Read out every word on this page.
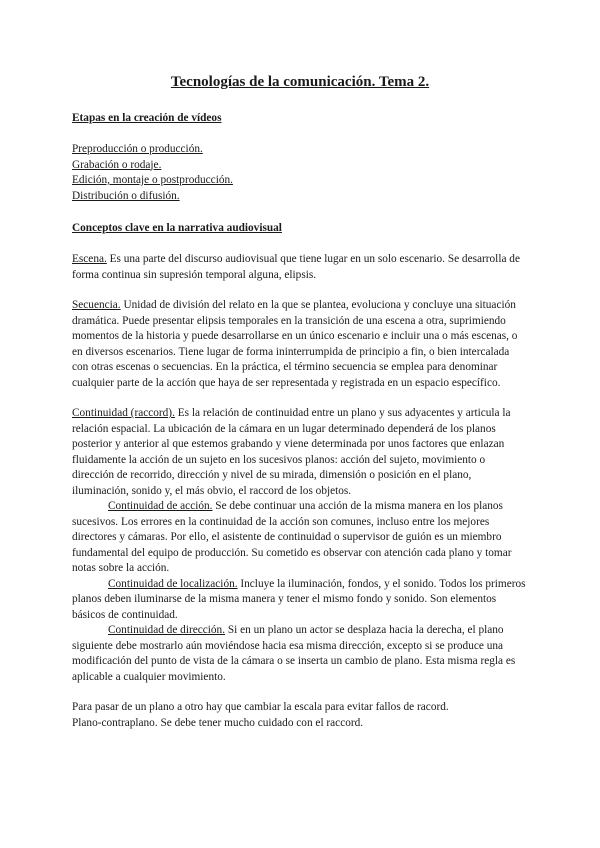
Tecnologías de la comunicación. Tema 2.
Etapas en la creación de vídeos
Preproducción o producción.
Grabación o rodaje.
Edición, montaje o postproducción.
Distribución o difusión.
Conceptos clave en la narrativa audiovisual

Escena. Es una parte del discurso audiovisual que tiene lugar en un solo escenario. Se desarrolla de forma continua sin supresión temporal alguna, elipsis.

Secuencia. Unidad de división del relato en la que se plantea, evoluciona y concluye una situación dramática. Puede presentar elipsis temporales en la transición de una escena a otra, suprimiendo momentos de la historia y puede desarrollarse en un único escenario e incluir una o más escenas, o en diversos escenarios. Tiene lugar de forma ininterrumpida de principio a fin, o bien intercalada con otras escenas o secuencias. En la práctica, el término secuencia se emplea para denominar cualquier parte de la acción que haya de ser representada y registrada en un espacio específico.

Continuidad (raccord). Es la relación de continuidad entre un plano y sus adyacentes y articula la relación espacial. La ubicación de la cámara en un lugar determinado dependerá de los planos posterior y anterior al que estemos grabando y viene determinada por unos factores que enlazan fluidamente la acción de un sujeto en los sucesivos planos: acción del sujeto, movimiento o dirección de recorrido, dirección y nivel de su mirada, dimensión o posición en el plano, iluminación, sonido y, el más obvio, el raccord de los objetos.

Continuidad de acción. Se debe continuar una acción de la misma manera en los planos sucesivos. Los errores en la continuidad de la acción son comunes, incluso entre los mejores directores y cámaras. Por ello, el asistente de continuidad o supervisor de guión es un miembro fundamental del equipo de producción. Su cometido es observar con atención cada plano y tomar notas sobre la acción.

Continuidad de localización. Incluye la iluminación, fondos, y el sonido. Todos los primeros planos deben iluminarse de la misma manera y tener el mismo fondo y sonido. Son elementos básicos de continuidad.

Continuidad de dirección. Si en un plano un actor se desplaza hacia la derecha, el plano siguiente debe mostrarlo aún moviéndose hacia esa misma dirección, excepto si se produce una modificación del punto de vista de la cámara o se inserta un cambio de plano. Esta misma regla es aplicable a cualquier movimiento.

Para pasar de un plano a otro hay que cambiar la escala para evitar fallos de racord.

Plano-contraplano. Se debe tener mucho cuidado con el raccord.
